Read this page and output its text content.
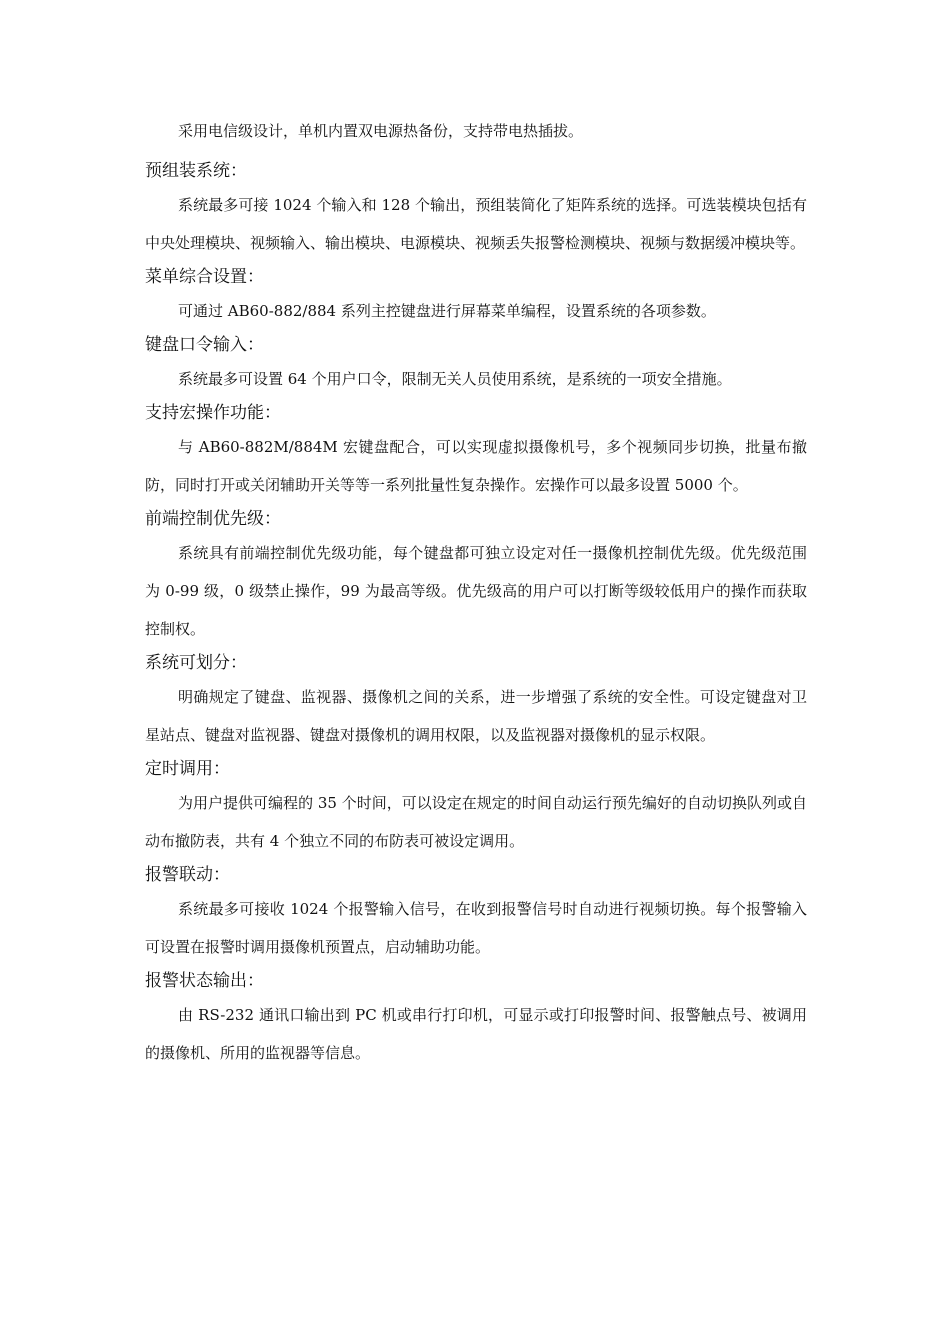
采用电信级设计，单机内置双电源热备份，支持带电热插拔。

预组装系统：

系统最多可接 1024 个输入和 128 个输出，预组装简化了矩阵系统的选择。可选装模块包括有中央处理模块、视频输入、输出模块、电源模块、视频丢失报警检测模块、视频与数据缓冲模块等。

菜单综合设置：

可通过 AB60-882/884 系列主控键盘进行屏幕菜单编程，设置系统的各项参数。

键盘口令输入：

系统最多可设置 64 个用户口令，限制无关人员使用系统，是系统的一项安全措施。

支持宏操作功能：

与 AB60-882M/884M 宏键盘配合，可以实现虚拟摄像机号，多个视频同步切换，批量布撤防，同时打开或关闭辅助开关等等一系列批量性复杂操作。宏操作可以最多设置 5000 个。

前端控制优先级：

系统具有前端控制优先级功能，每个键盘都可独立设定对任一摄像机控制优先级。优先级范围为 0-99 级，0 级禁止操作，99 为最高等级。优先级高的用户可以打断等级较低用户的操作而获取控制权。

系统可划分：

明确规定了键盘、监视器、摄像机之间的关系，进一步增强了系统的安全性。可设定键盘对卫星站点、键盘对监视器、键盘对摄像机的调用权限，以及监视器对摄像机的显示权限。

定时调用：

为用户提供可编程的 35 个时间，可以设定在规定的时间自动运行预先编好的自动切换队列或自动布撤防表，共有 4 个独立不同的布防表可被设定调用。

报警联动：

系统最多可接收 1024 个报警输入信号，在收到报警信号时自动进行视频切换。每个报警输入可设置在报警时调用摄像机预置点，启动辅助功能。

报警状态输出：

由 RS-232 通讯口输出到 PC 机或串行打印机，可显示或打印报警时间、报警触点号、被调用的摄像机、所用的监视器等信息。
